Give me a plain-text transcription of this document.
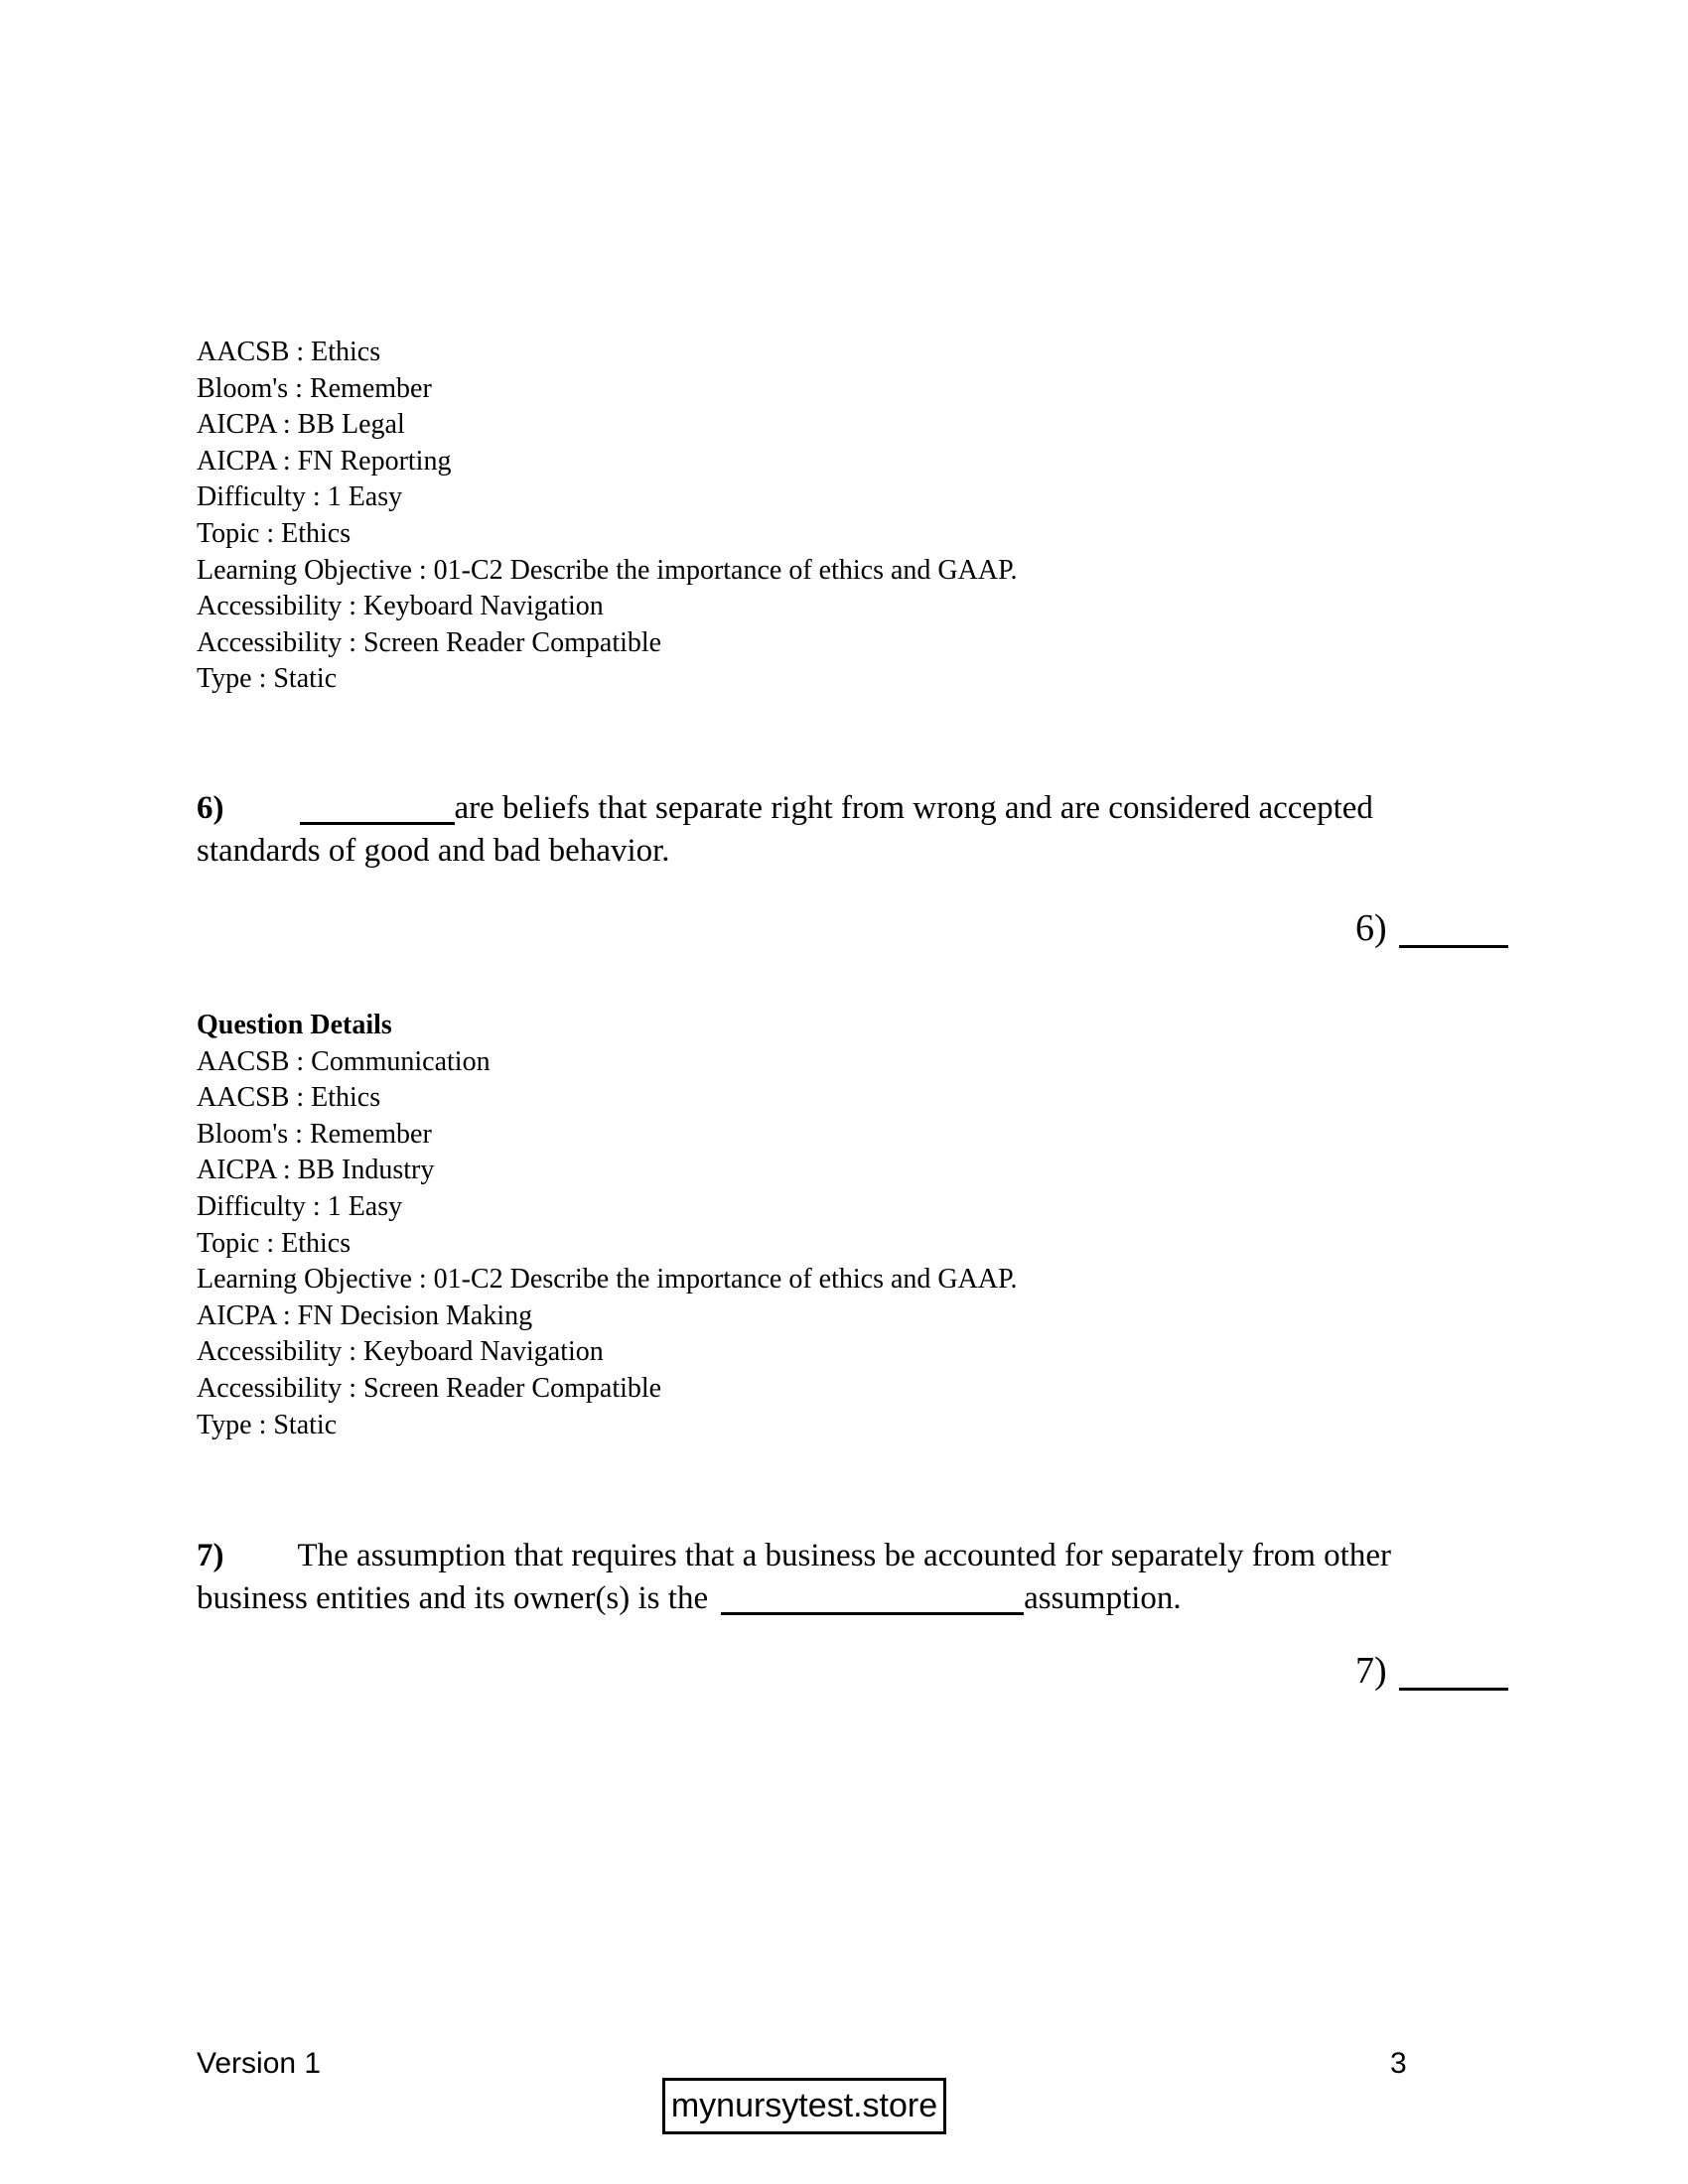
AACSB : Ethics
Bloom's : Remember
AICPA : BB Legal
AICPA : FN Reporting
Difficulty : 1 Easy
Topic : Ethics
Learning Objective : 01-C2 Describe the importance of ethics and GAAP.
Accessibility : Keyboard Navigation
Accessibility : Screen Reader Compatible
Type : Static

6)	are beliefs that separate right from wrong and are considered accepted standards of good and bad behavior.

6)
Question Details
AACSB : Communication
AACSB : Ethics
Bloom's : Remember
AICPA : BB Industry
Difficulty : 1 Easy
Topic : Ethics
Learning Objective : 01-C2 Describe the importance of ethics and GAAP.
AICPA : FN Decision Making
Accessibility : Keyboard Navigation
Accessibility : Screen Reader Compatible
Type : Static

7) The assumption that requires that a business be accounted for separately from other business entities and its owner(s) is the	assumption.

7)
Version 1	3
mynursytest.store
